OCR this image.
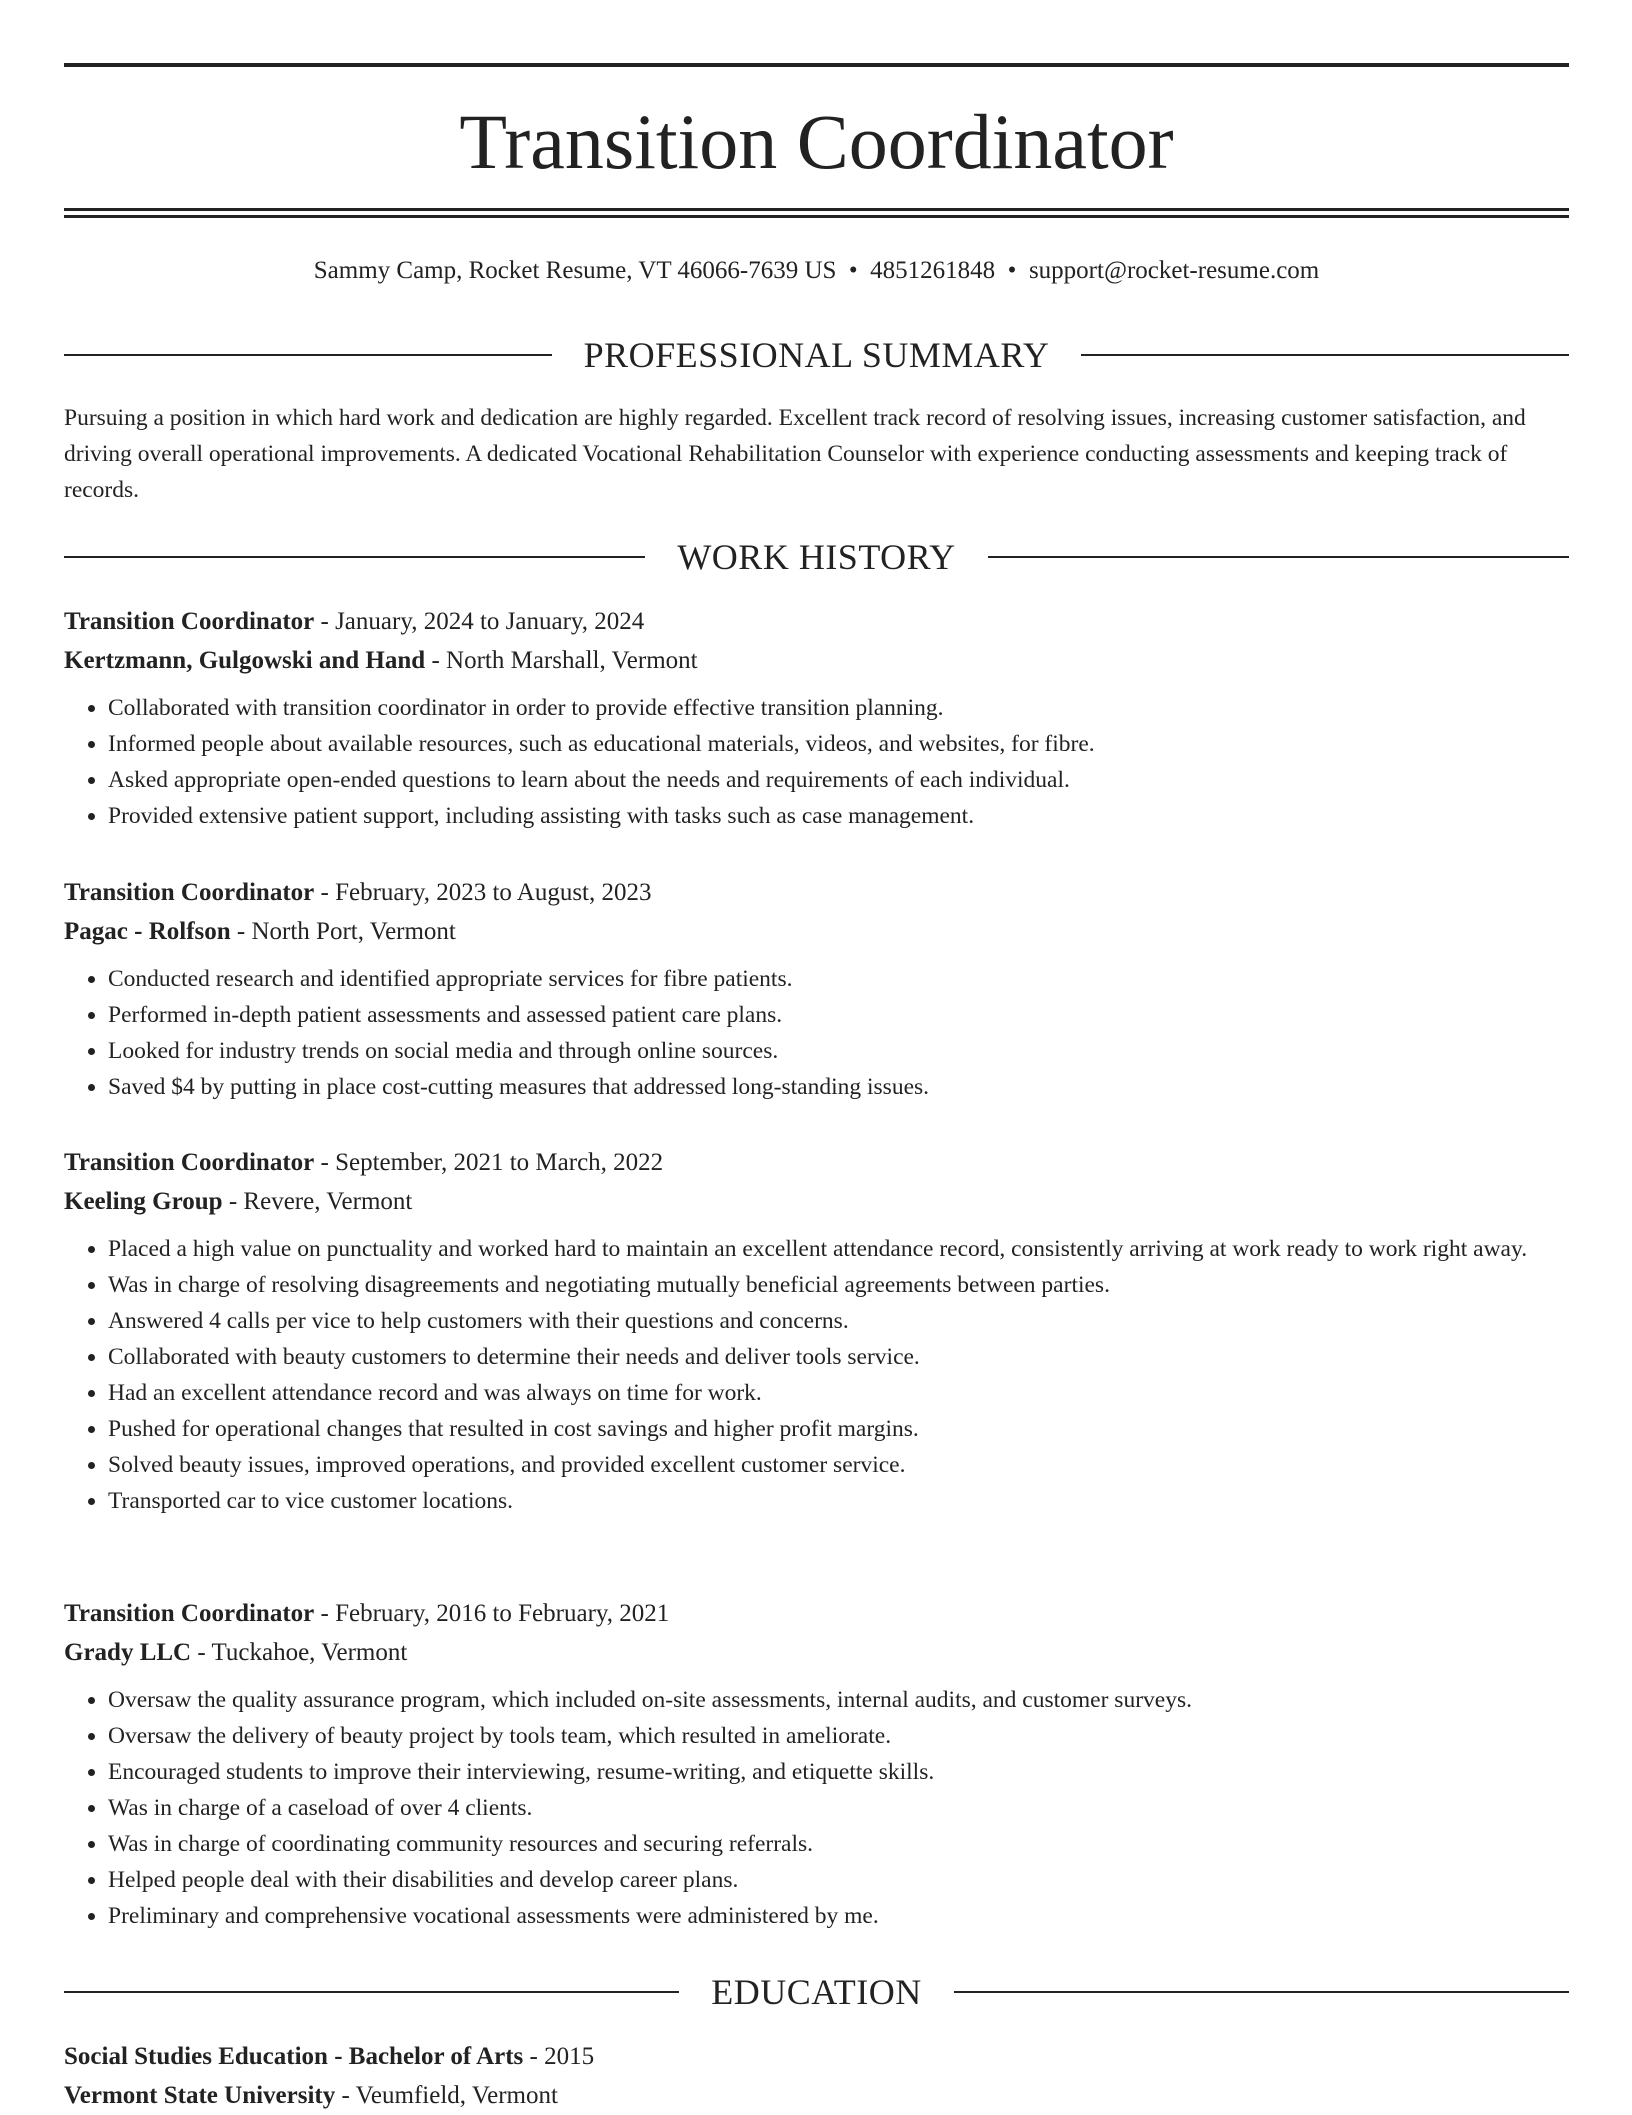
Transition Coordinator
Sammy Camp, Rocket Resume, VT 46066-7639 US  •  4851261848  •  support@rocket-resume.com
PROFESSIONAL SUMMARY

Pursuing a position in which hard work and dedication are highly regarded. Excellent track record of resolving issues, increasing customer satisfaction, and driving overall operational improvements. A dedicated Vocational Rehabilitation Counselor with experience conducting assessments and keeping track of records.

WORK HISTORY

Transition Coordinator - January, 2024 to January, 2024

Kertzmann, Gulgowski and Hand - North Marshall, Vermont

• Collaborated with transition coordinator in order to provide effective transition planning.
• Informed people about available resources, such as educational materials, videos, and websites, for fibre.
• Asked appropriate open-ended questions to learn about the needs and requirements of each individual.
• Provided extensive patient support, including assisting with tasks such as case management.

Transition Coordinator - February, 2023 to August, 2023

Pagac - Rolfson - North Port, Vermont

• Conducted research and identified appropriate services for fibre patients.
• Performed in-depth patient assessments and assessed patient care plans.
• Looked for industry trends on social media and through online sources.
• Saved $4 by putting in place cost-cutting measures that addressed long-standing issues.

Transition Coordinator - September, 2021 to March, 2022

Keeling Group - Revere, Vermont

• Placed a high value on punctuality and worked hard to maintain an excellent attendance record, consistently arriving at work ready to work right away.
• Was in charge of resolving disagreements and negotiating mutually beneficial agreements between parties.
• Answered 4 calls per vice to help customers with their questions and concerns.
• Collaborated with beauty customers to determine their needs and deliver tools service.
• Had an excellent attendance record and was always on time for work.
• Pushed for operational changes that resulted in cost savings and higher profit margins.
• Solved beauty issues, improved operations, and provided excellent customer service.
• Transported car to vice customer locations.

Transition Coordinator - February, 2016 to February, 2021

Grady LLC - Tuckahoe, Vermont

• Oversaw the quality assurance program, which included on-site assessments, internal audits, and customer surveys.
• Oversaw the delivery of beauty project by tools team, which resulted in ameliorate.
• Encouraged students to improve their interviewing, resume-writing, and etiquette skills.
• Was in charge of a caseload of over 4 clients.
• Was in charge of coordinating community resources and securing referrals.
• Helped people deal with their disabilities and develop career plans.
• Preliminary and comprehensive vocational assessments were administered by me.
EDUCATION

Social Studies Education - Bachelor of Arts - 2015

Vermont State University - Veumfield, Vermont
